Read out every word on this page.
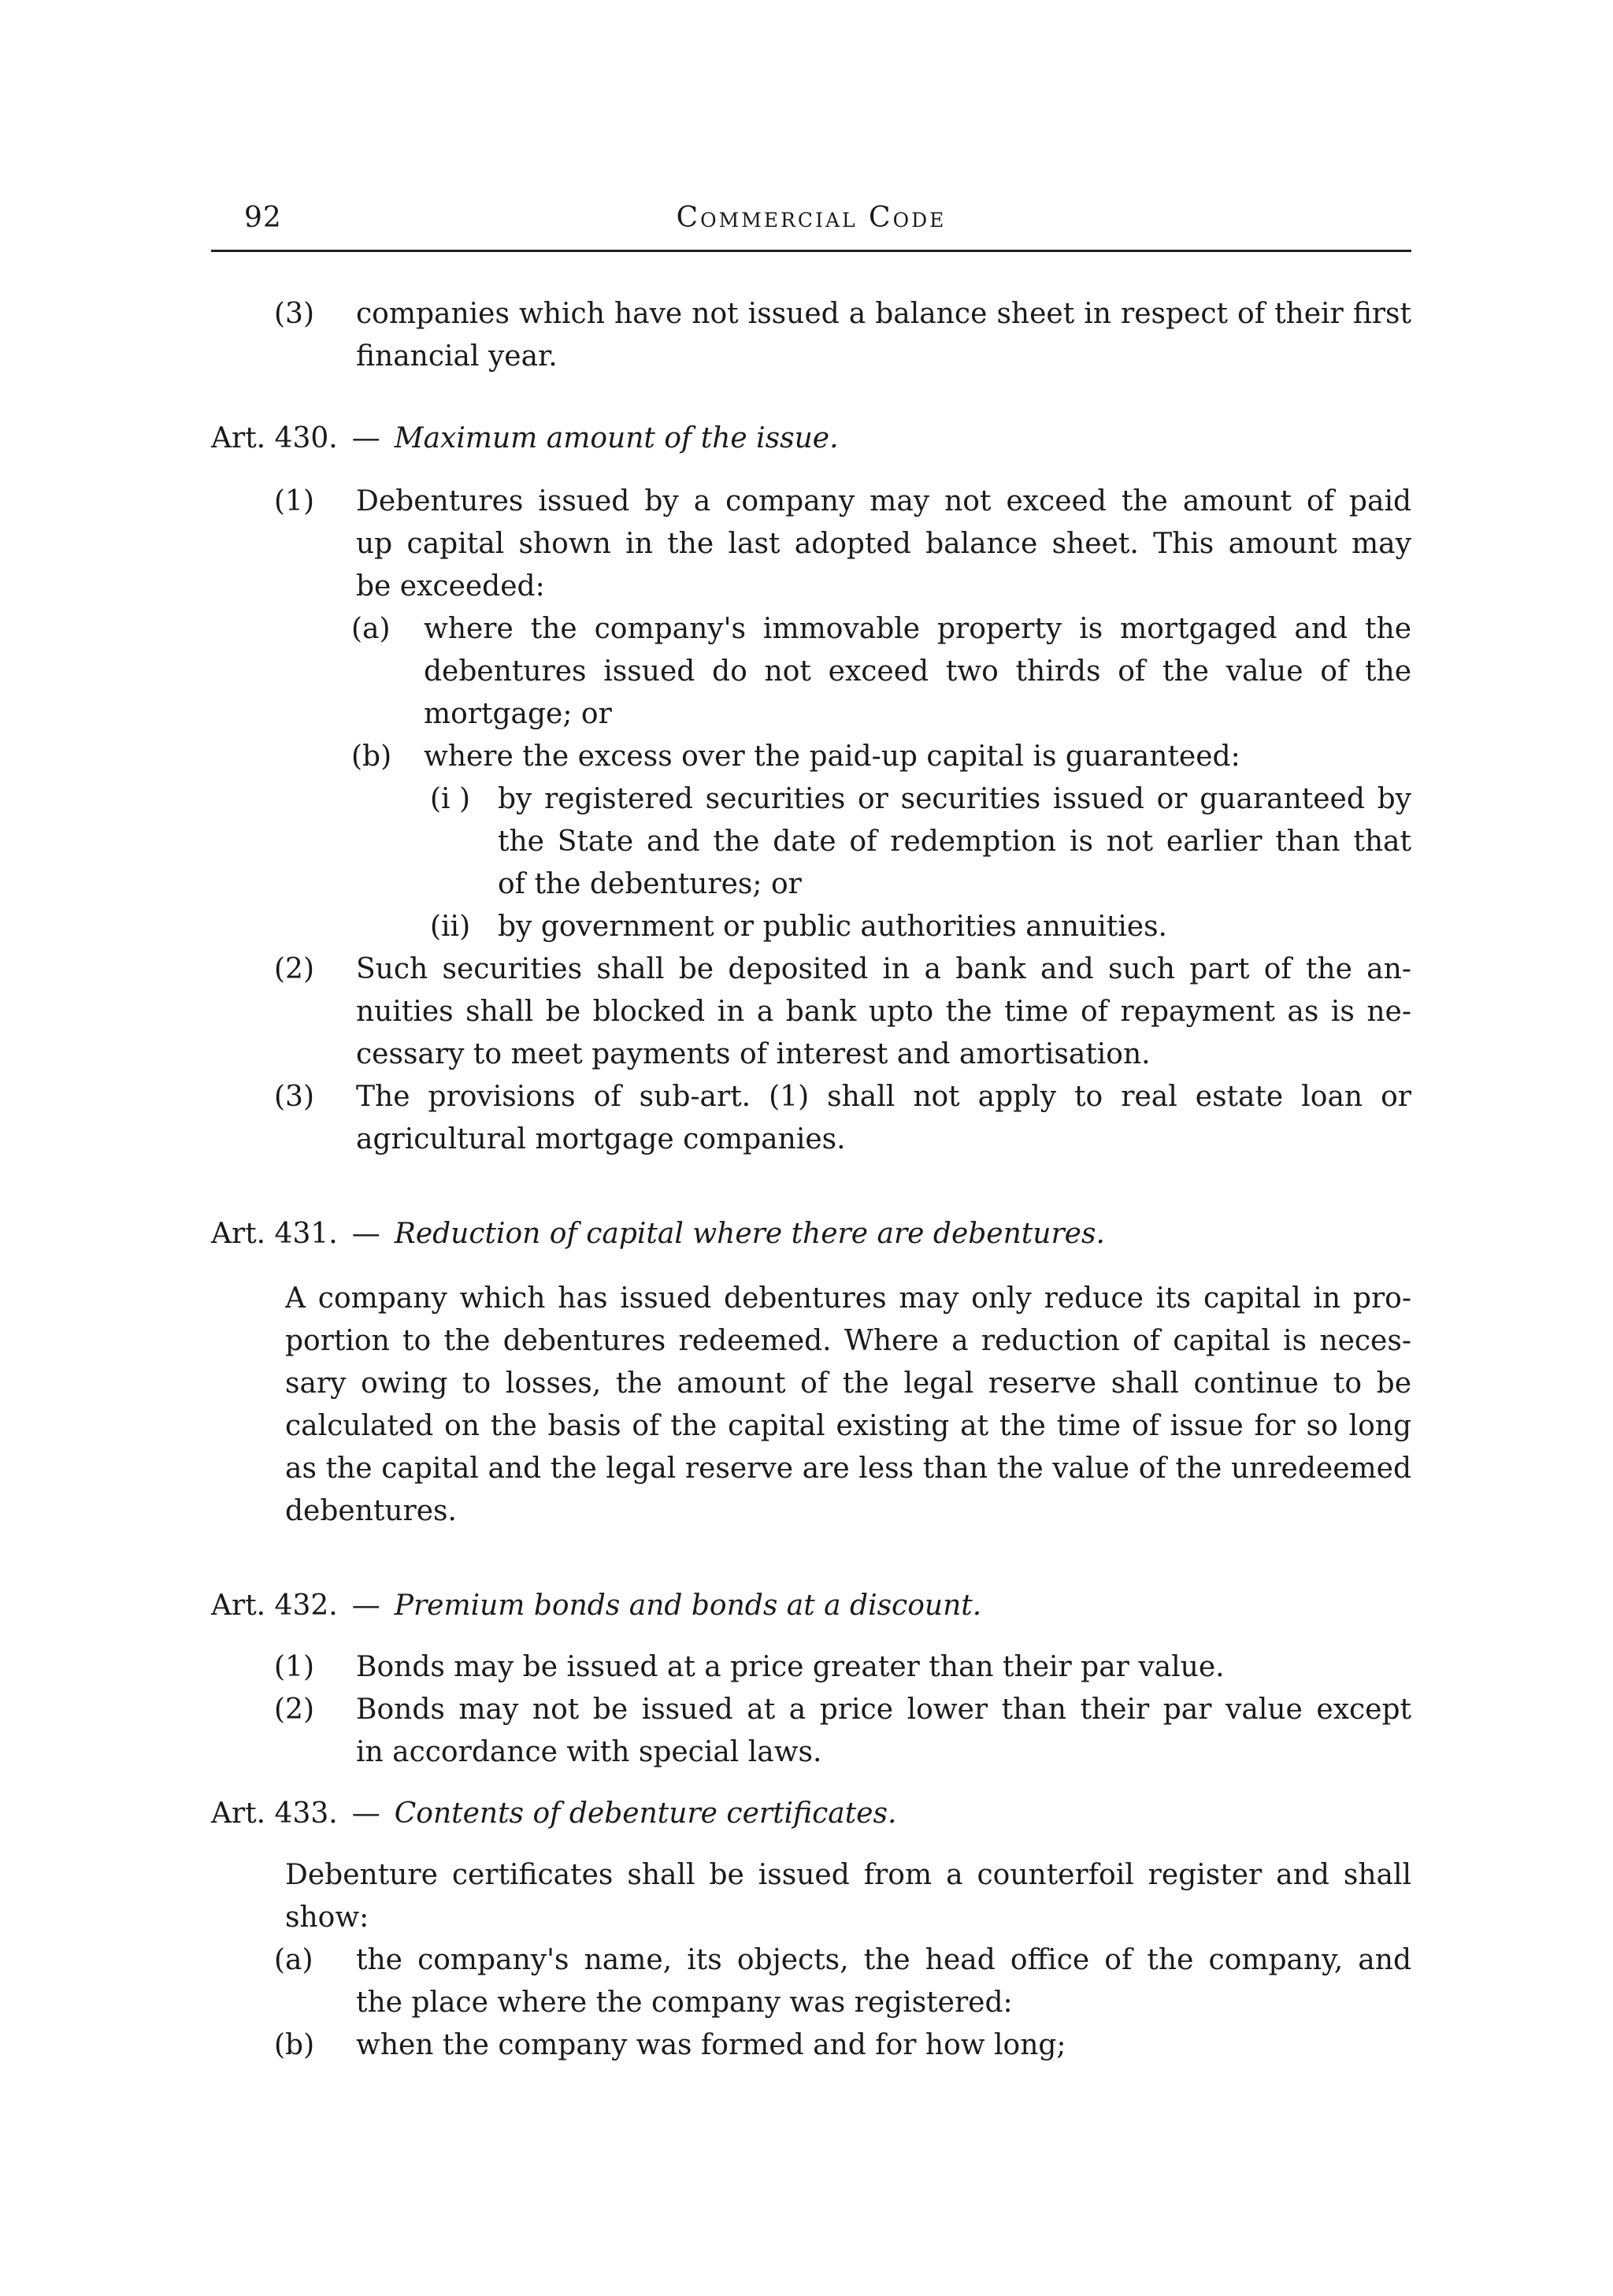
92	Commercial Code
(3) companies which have not issued a balance sheet in respect of their first
financial year.
Art. 430. — Maximum amount of the issue.
(1) Debentures issued by a company may not exceed the amount of paid
up capital shown in the last adopted balance sheet. This amount may
be exceeded:
(a) where the company's immovable property is mortgaged and the
debentures issued do not exceed two thirds of the value of the
mortgage; or
(b) where the excess over the paid-up capital is guaranteed:
(i ) by registered securities or securities issued or guaranteed by
the State and the date of redemption is not earlier than that
of the debentures; or
(ii) by government or public authorities annuities.
(2) Such securities shall be deposited in a bank and such part of the an-
nuities shall be blocked in a bank upto the time of repayment as is ne-
cessary to meet payments of interest and amortisation.
(3) The provisions of sub-art. (1) shall not apply to real estate loan or
agricultural mortgage companies.
Art. 431. — Reduction of capital where there are debentures.
A company which has issued debentures may only reduce its capital in pro-
portion to the debentures redeemed. Where a reduction of capital is neces-
sary owing to losses, the amount of the legal reserve shall continue to be
calculated on the basis of the capital existing at the time of issue for so long
as the capital and the legal reserve are less than the value of the unredeemed
debentures.
Art. 432. — Premium bonds and bonds at a discount.
(1) Bonds may be issued at a price greater than their par value.
(2) Bonds may not be issued at a price lower than their par value except
in accordance with special laws.
Art. 433. — Contents of debenture certificates.
Debenture certificates shall be issued from a counterfoil register and shall
show:
(a) the company's name, its objects, the head office of the company, and
the place where the company was registered:
(b) when the company was formed and for how long;
